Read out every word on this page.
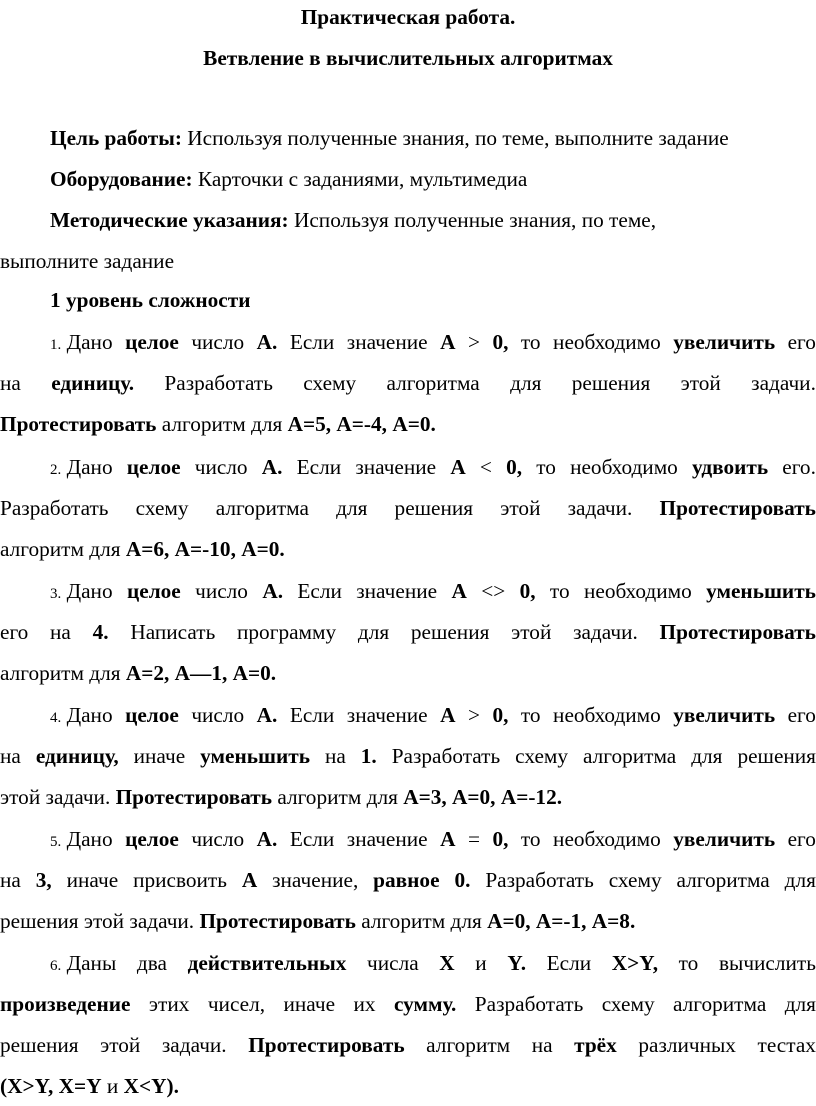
Практическая работа.
Ветвление в вычислительных алгоритмах
Цель работы: Используя полученные знания, по теме, выполните задание
Оборудование: Карточки с заданиями, мультимедиа
Методические указания: Используя полученные знания, по теме,
выполните задание
1 уровень сложности
1. Дано целое число А. Если значение А > 0, то необходимо увеличить его
на единицу. Разработать схему алгоритма для решения этой задачи.
Протестировать алгоритм для А=5, А=-4, А=0.
2. Дано целое число А. Если значение А < 0, то необходимо удвоить его.
Разработать схему алгоритма для решения этой задачи. Протестировать
алгоритм для А=6, А=-10, А=0.
3. Дано целое число А. Если значение А <> 0, то необходимо уменьшить
его на 4. Написать программу для решения этой задачи. Протестировать
алгоритм для А=2, А—1, А=0.
4. Дано целое число А. Если значение А > 0, то необходимо увеличить его
на единицу, иначе уменьшить на 1. Разработать схему алгоритма для решения
этой задачи. Протестировать алгоритм для А=3, А=0, А=-12.
5. Дано целое число А. Если значение А = 0, то необходимо увеличить его
на 3, иначе присвоить А значение, равное 0. Разработать схему алгоритма для
решения этой задачи. Протестировать алгоритм для А=0, А=-1, А=8.
6. Даны два действительных числа X и Y. Если X>Y, то вычислить
произведение этих чисел, иначе их сумму. Разработать схему алгоритма для
решения этой задачи. Протестировать алгоритм на трёх различных тестах
(X>Y, X=Y и X<Y).
